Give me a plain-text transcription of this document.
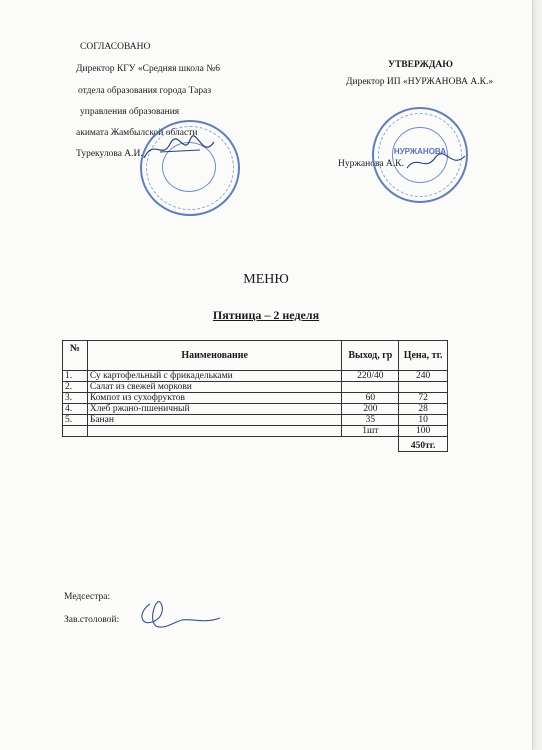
СОГЛАСОВАНО
Директор КГУ «Средняя школа №6
отдела образования города Тараз
управления образования
акимата Жамбылской области
Турекулова А.И.
УТВЕРЖДАЮ
Директор ИП «НУРЖАНОВА А.К.»
Нуржанова А.К.
НУРЖАНОВА
МЕНЮ
Пятница – 2 неделя
№	Наименование	Выход, гр	Цена, тг.
1.	Су картофельный с фрикадельками	220/40	240
2.	Салат из свежей моркови		
3.	Компот из сухофруктов	60	72
4.	Хлеб ржано-пшеничный	200	28
5.	Банан	35	10
		1шт	100
			450тг.
Медсестра:
Зав.столовой:
